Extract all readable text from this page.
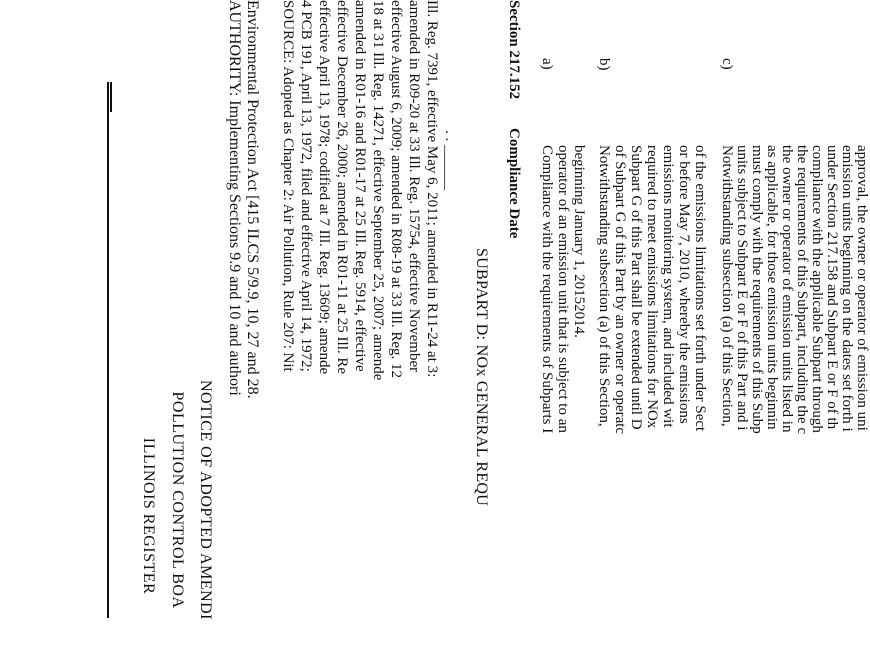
ILLINOIS REGISTER POLLUTION CONTROL BOA NOTICE OF ADOPTED AMENDI
AUTHORITY: Implementing Sections 9.9 and 10 and authori Environmental Protection Act [415 ILCS 5/9.9, 10, 27 and 28. SOURCE: Adopted as Chapter 2: Air Pollution, Rule 207: Nit 4 PCB 191, April 13, 1972, filed and effective April 14, 1972; effective April 13, 1978; codified at 7 Ill. Reg. 13609; amende effective December 26, 2000; amended in R01-11 at 25 Ill. Re amended in R01-16 and R01-17 at 25 Ill. Reg. 5914, effective 18 at 31 Ill. Reg. 14271, effective September 25, 2007; amende effective August 6, 2009; amended in R08-19 at 33 Ill. Reg. 12 amended in R09-20 at 33 Ill. Reg. 15754, effective November Ill. Reg. 7391, effective May 6, 2011; amended in R11-24 at 3: . . ______
SUBPART D: NOx GENERAL REQU
Section 217.152
Compliance Date
a)
Compliance with the requirements of Subparts I operator of an emission unit that is subject to an beginning January 1, 20152014.
b)
Notwithstanding subsection (a) of this Section, of Subpart G of this Part by an owner or operatc Subpart G of this Part shall be extended until D required to meet emissions limitations for NOx emissions monitoring system, and included wit or before May 7, 2010, whereby the emissions of the emissions limitations set forth under Sect
c)
Notwithstanding subsection (a) of this Section, units subject to Subpart E or F of this Part and i must comply with the requirements of this Subp as applicable, for those emission units beginnin the owner or operator of emission units listed in the requirements of this Subpart, including the c compliance with the applicable Subpart through under Section 217.158 and Subpart E or F of th emission units beginning on the dates set forth i approval, the owner or operator of emission uni
